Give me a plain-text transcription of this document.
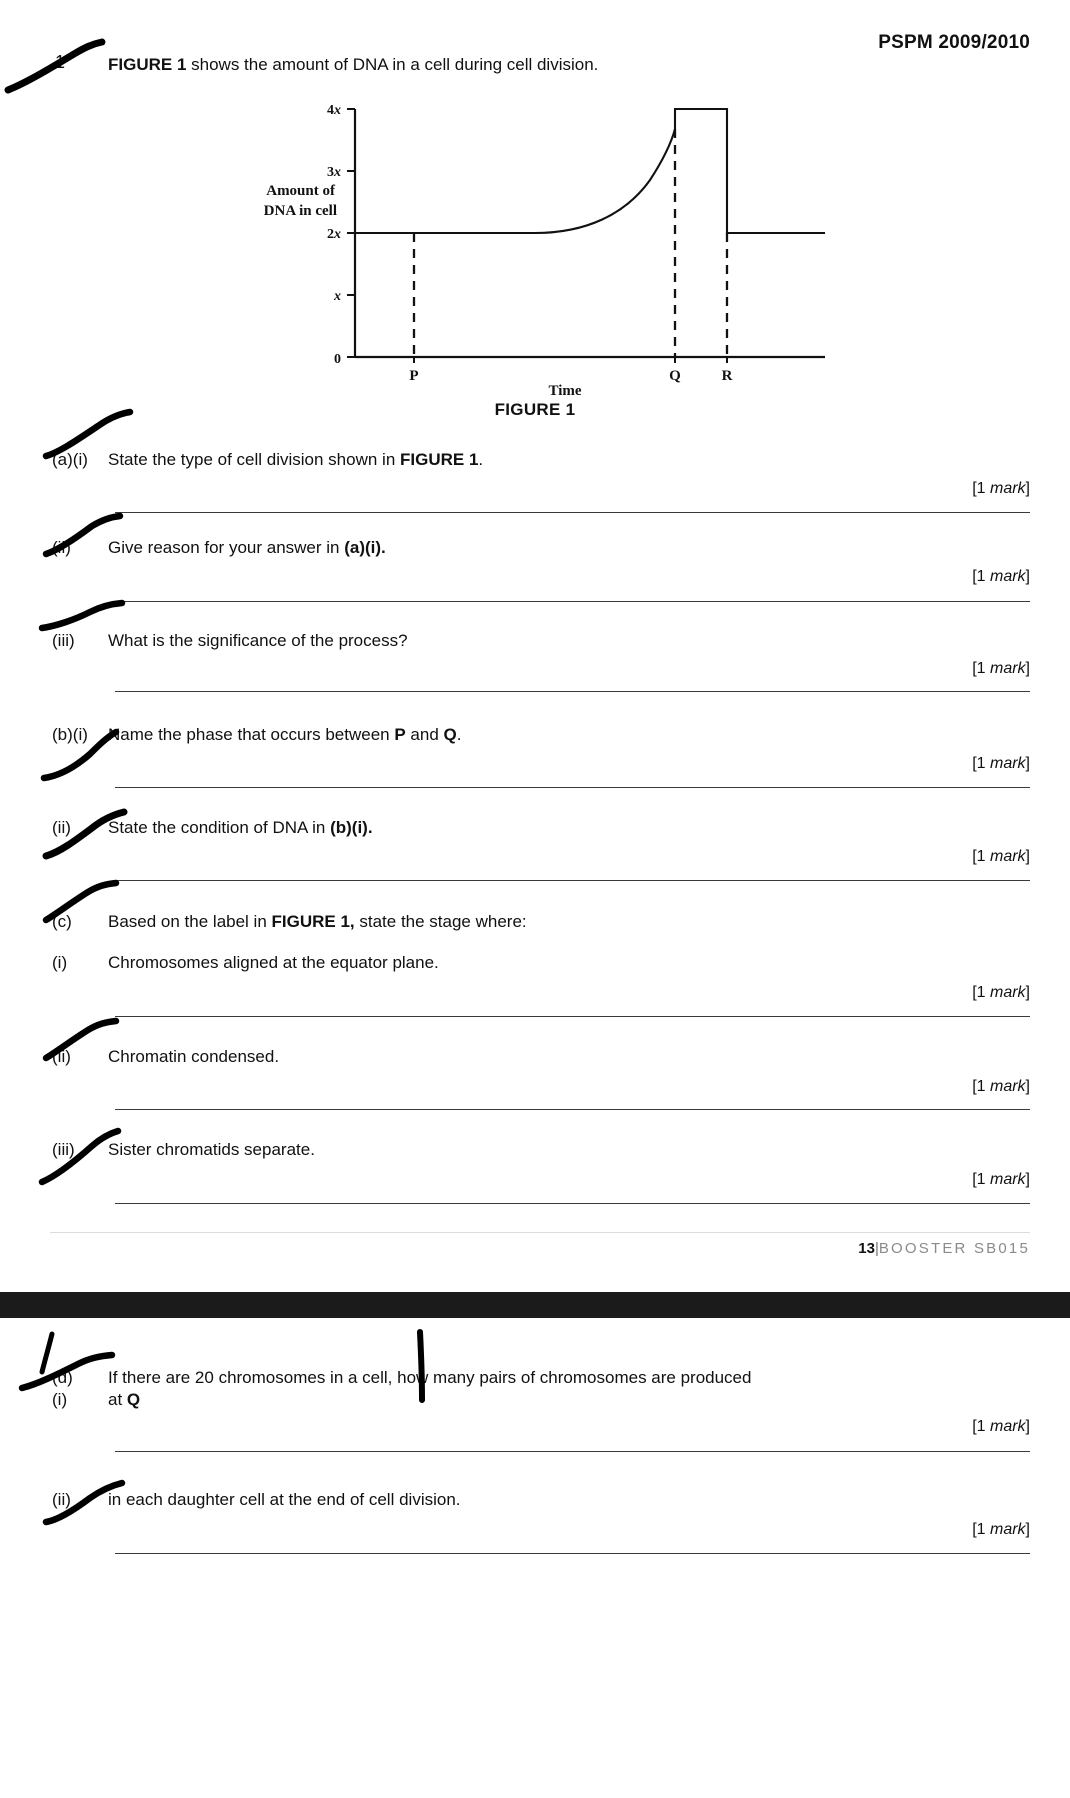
PSPM 2009/2010
1	FIGURE 1 shows the amount of DNA in a cell during cell division.
4x
3x
2x
x
0
Amount of
DNA in cell
P	Q	R
Time
FIGURE 1
(a)(i) State the type of cell division shown in FIGURE 1.
[1 mark]
(ii) Give reason for your answer in (a)(i).
[1 mark]
(iii) What is the significance of the process?
[1 mark]
(b)(i) Name the phase that occurs between P and Q.
[1 mark]
(ii) State the condition of DNA in (b)(i).
[1 mark]
(c) Based on the label in FIGURE 1, state the stage where:
(i) Chromosomes aligned at the equator plane.
[1 mark]
(ii) Chromatin condensed.
[1 mark]
(iii) Sister chromatids separate.
[1 mark]
13|BOOSTER SB015
(d)
(i)
If there are 20 chromosomes in a cell, how many pairs of chromosomes are produced
at Q
[1 mark]
(ii) in each daughter cell at the end of cell division.
[1 mark]
